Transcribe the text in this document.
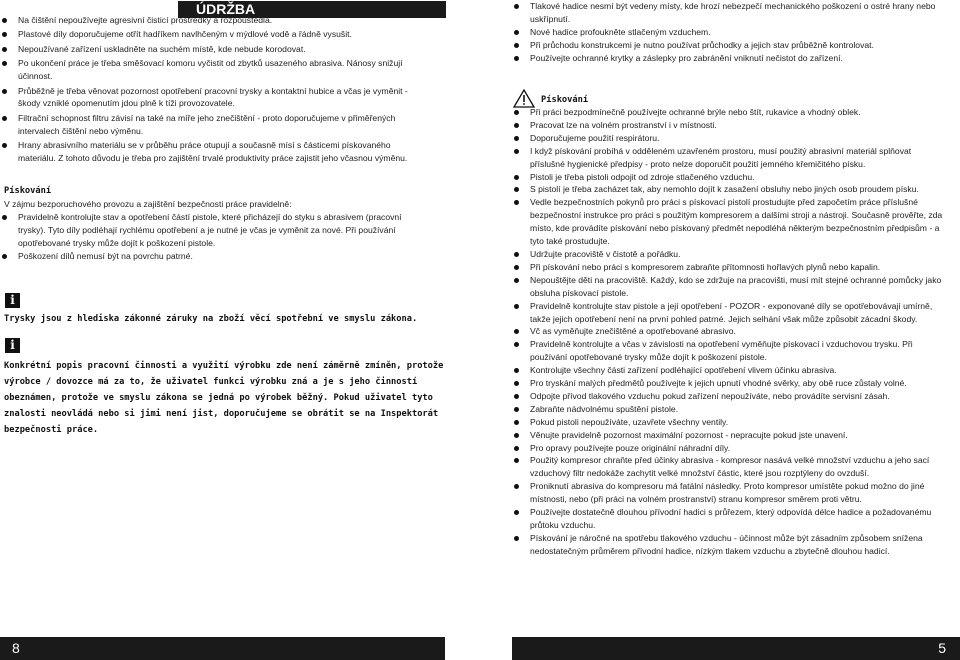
ÚDRŽBA
Na čištění nepoužívejte agresivní čisticí prostředky a rozpouštědla.
Plastové díly doporučujeme otřít hadříkem navlhčeným v mýdlové vodě a řádně vysušit.
Nepoužívané zařízení uskladněte na suchém místě, kde nebude korodovat.
Po ukončení práce je třeba směšovací komoru vyčistit od zbytků usazeného abrasiva. Nánosy snižují účinnost.
Průběžně je třeba věnovat pozornost opotřebení pracovní trysky a kontaktní hubice a včas je vyměnit - škody vzniklé opomenutím jdou plně k tíži provozovatele.
Filtrační schopnost filtru závisí na také na míře jeho znečištění - proto doporučujeme v přiměřených intervalech čištění nebo výměnu.
Hrany abrasivního materiálu se v průběhu práce otupují a současně mísí s částicemi pískovaného materiálu. Z tohoto důvodu je třeba pro zajištění trvalé produktivity práce zajistit jeho včasnou výměnu.
Pískování
V zájmu bezporuchového provozu a zajištění bezpečnosti práce pravidelně:
Pravidelně kontrolujte stav a opotřebení částí pistole, které přicházejí do styku s abrasivem (pracovní trysky). Tyto díly podléhají rychlému opotřebení a je nutné je včas je vyměnit za nové. Při používání opotřebované trysky může dojít k poškození pistole.
Poškození dílů nemusí být na povrchu patrné.
i
Trysky jsou z hlediska zákonné záruky na zboží věcí spotřební ve smyslu zákona.
i
Konkrétní popis pracovní činnosti a využití výrobku zde není záměrně zmíněn, protože výrobce / dovozce má za to, že uživatel funkci výrobku zná a je s jeho činností obeznámen, protože ve smyslu zákona se jedná po výrobek běžný. Pokud uživatel tyto znalosti neovládá nebo si jimi není jist, doporučujeme se obrátit se na Inspektorát bezpečnosti práce.
Tlakové hadice nesmí být vedeny místy, kde hrozí nebezpečí mechanického poškození o ostré hrany nebo uskřípnutí.
Nové hadice profoukněte stlačeným vzduchem.
Při průchodu konstrukcemi je nutno používat průchodky a jejich stav průběžně kontrolovat.
Používejte ochranné krytky a záslepky pro zabránění vniknutí nečistot do zařízení.
Pískování
Při práci bezpodmínečně používejte ochranné brýle nebo štít, rukavice a vhodný oblek.
Pracovat lze na volném prostranství i v místnosti.
Doporučujeme použití respirátoru.
I když pískování probíhá v odděleném uzavřeném prostoru, musí použitý abrasivní materiál splňovat příslušné hygienické předpisy - proto nelze doporučit použití jemného křemičitého písku.
Pistoli je třeba pistoli odpojit od zdroje stlačeného vzduchu.
S pistolí je třeba zacházet tak, aby nemohlo dojít k zasažení obsluhy nebo jiných osob proudem písku.
Vedle bezpečnostních pokynů pro práci s pískovací pistolí prostudujte před započetím práce příslušné bezpečnostní instrukce pro práci s použitým kompresorem a dalšími stroji a nástroji. Současně prověřte, zda místo, kde provádíte pískování nebo pískovaný předmět nepodléhá některým bezpečnostním předpisům - a tyto také prostudujte.
Udržujte pracoviště v čistotě a pořádku.
Při pískování nebo práci s kompresorem zabraňte přítomnosti hořlavých plynů nebo kapalin.
Nepouštějte děti na pracoviště. Každý, kdo se zdržuje na pracovišti, musí mít stejné ochranné pomůcky jako obsluha pískovací pistole.
Pravidelně kontrolujte stav pistole a její opotřebení - POZOR - exponované díly se opotřebovávají umírně, takže jejich opotřebení není na první pohled patrné. Jejich selhání však může způsobit zácadní škody.
Vč as vyměňujte znečištěné a opotřebované abrasivo.
Pravidelně kontrolujte a včas v závislosti na opotřebení vyměňujte pískovací i vzduchovou trysku. Při používání opotřebované trysky může dojít k poškození pistole.
Kontrolujte všechny části zařízení podléhající opotřebení vlivem účinku abrasiva.
Pro tryskání malých předmětů používejte k jejich upnutí vhodné svěrky, aby obě ruce zůstaly volné.
Odpojte přívod tlakového vzduchu pokud zařízení nepoužíváte, nebo provádíte servisní zásah.
Zabraňte nádvolnému spuštění pistole.
Pokud pistoli nepoužíváte, uzavřete všechny ventily.
Věnujte pravidelně pozornost maximální pozornost - nepracujte pokud jste unavení.
Pro opravy používejte pouze originální náhradní díly.
Použitý kompresor chraňte před účinky abrasiva - kompresor nasává velké množství vzduchu a jeho sací vzduchový filtr nedokáže zachytit velké množství částic, které jsou rozptýleny do ovzduší.
Proniknutí abrasiva do kompresoru má fatální následky. Proto kompresor umístěte pokud možno do jiné místnosti, nebo (při práci na volném prostranství) stranu kompresor směrem proti větru.
Používejte dostatečně dlouhou přívodní hadici s průřezem, který odpovídá délce hadice a požadovanému průtoku vzduchu.
Pískování je náročné na spotřebu tlakového vzduchu - účinnost může být zásadním způsobem snížena nedostatečným průměrem přívodní hadice, nízkým tlakem vzduchu a zbytečně dlouhou hadicí.
8	5
